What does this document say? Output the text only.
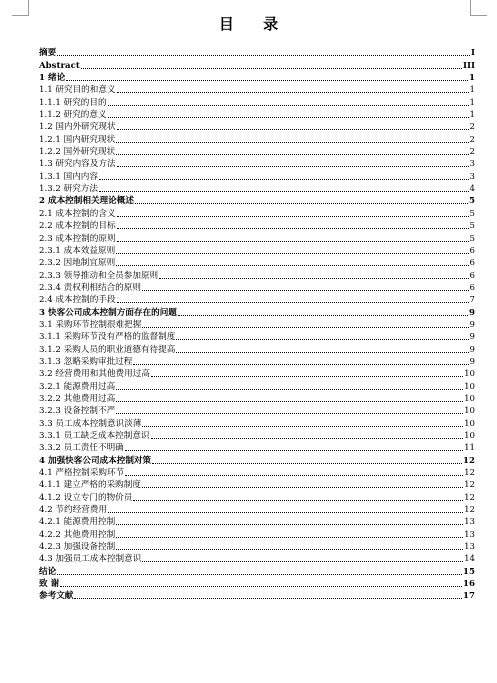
目 录
摘要	I
Abstract	III
1 绪论	1
1.1 研究目的和意义	1
1.1.1 研究的目的	1
1.1.2 研究的意义	1
1.2 国内外研究现状	2
1.2.1 国内研究现状	2
1.2.2 国外研究现状	2
1.3 研究内容及方法	3
1.3.1 国内内容	3
1.3.2 研究方法	4
2 成本控制相关理论概述	5
2.1 成本控制的含义	5
2.2 成本控制的目标	5
2.3 成本控制的原则	5
2.3.1 成本效益原则	6
2.3.2 因地制宜原则	6
2.3.3 领导推动和全员参加原则	6
2.3.4 责权利相结合的原则	6
2.4 成本控制的手段	7
3 快客公司成本控制方面存在的问题	9
3.1 采购环节控制很难把握	9
3.1.1 采购环节没有严格的监督制度	9
3.1.2 采购人员的职业道德有待提高	9
3.1.3 忽略采购审批过程	9
3.2 经营费用和其他费用过高	10
3.2.1 能源费用过高	10
3.2.2 其他费用过高	10
3.2.3 设备控制不严	10
3.3 员工成本控制意识淡薄	10
3.3.1 员工缺乏成本控制意识	10
3.3.2 员工责任不明确	11
4 加强快客公司成本控制对策	12
4.1 严格控制采购环节	12
4.1.1 建立严格的采购制度	12
4.1.2 设立专门的物价员	12
4.2 节约经营费用	12
4.2.1 能源费用控制	13
4.2.2 其他费用控制	13
4.2.3 加强设备控制	13
4.3 加强员工成本控制意识	14
结论	15
致 谢	16
参考文献	17
